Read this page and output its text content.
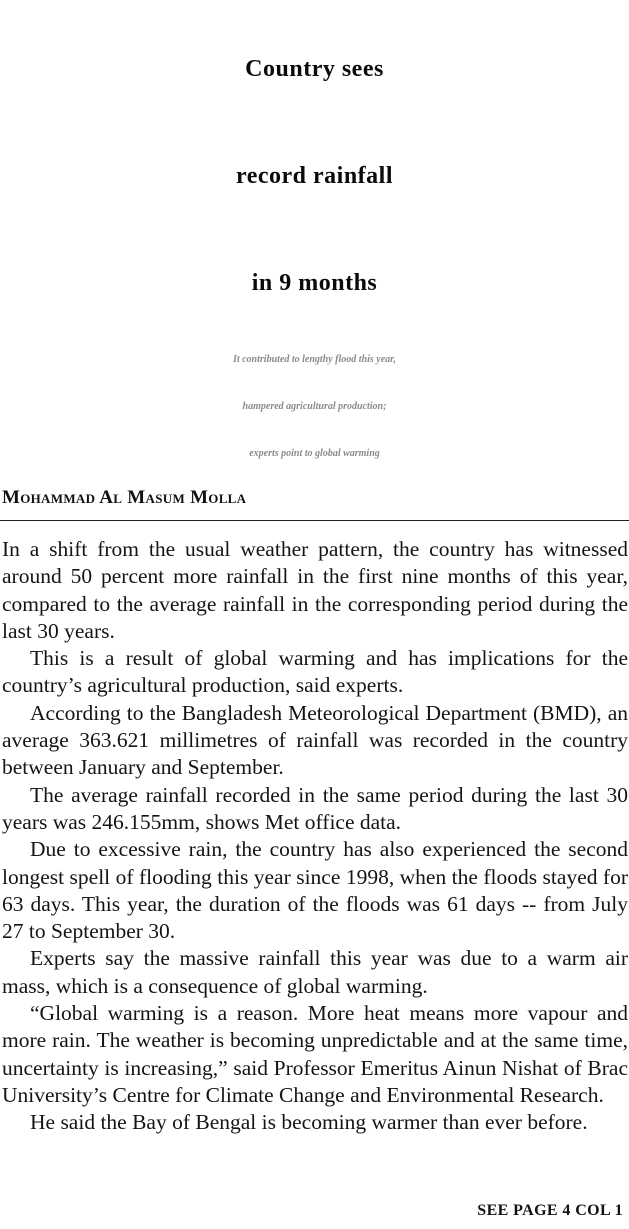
Country sees
record rainfall
in 9 months
It contributed to lengthy flood this year,
hampered agricultural production;
experts point to global warming
Mohammad Al Masum Molla

In a shift from the usual weather pattern, the country has witnessed around 50 percent more rainfall in the first nine months of this year, compared to the average rainfall in the corresponding period during the last 30 years.

This is a result of global warming and has implications for the country’s agricultural production, said experts.

According to the Bangladesh Meteorological Department (BMD), an average 363.621 millimetres of rainfall was recorded in the country between January and September.

The average rainfall recorded in the same period during the last 30 years was 246.155mm, shows Met office data.

Due to excessive rain, the country has also experienced the second longest spell of flooding this year since 1998, when the floods stayed for 63 days. This year, the duration of the floods was 61 days -- from July 27 to September 30.

Experts say the massive rainfall this year was due to a warm air mass, which is a consequence of global warming.

“Global warming is a reason. More heat means more vapour and more rain. The weather is becoming unpredictable and at the same time, uncertainty is increasing,” said Professor Emeritus Ainun Nishat of Brac University’s Centre for Climate Change and Environmental Research.

He said the Bay of Bengal is becoming warmer than ever before.

SEE PAGE 4 COL 1
